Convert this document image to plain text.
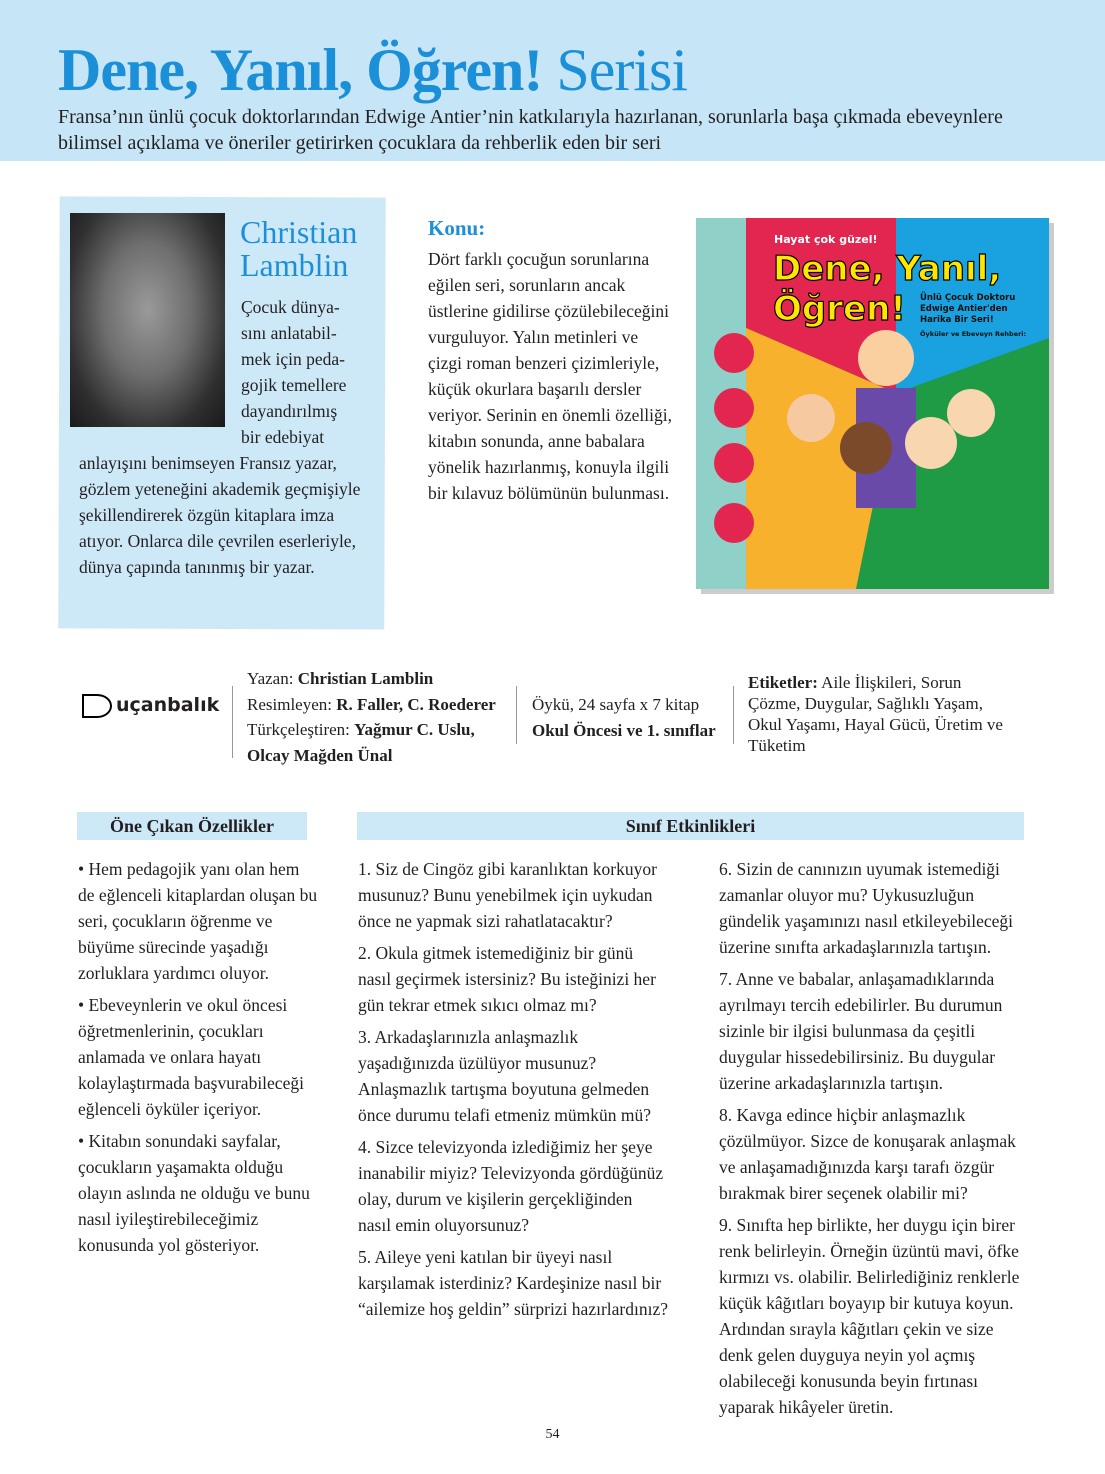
Dene, Yanıl, Öğren! Serisi
Fransa’nın ünlü çocuk doktorlarından Edwige Antier’nin katkılarıyla hazırlanan, sorunlarla başa çıkmada ebeveynlere bilimsel açıklama ve öneriler getirirken çocuklara da rehberlik eden bir seri
Christian
Lamblin
Çocuk dünya-
sını anlatabil-
mek için peda-
gojik temellere
dayandırılmış
bir edebiyat
anlayışını benimseyen Fransız yazar, gözlem yeteneğini akademik geçmişiyle şekillendirerek özgün kitaplara imza atıyor. Onlarca dile çevrilen eserleriyle, dünya çapında tanınmış bir yazar.
Konu:
Dört farklı çocuğun sorunlarına eğilen seri, sorunların ancak üstlerine gidilirse çözülebileceğini vurguluyor. Yalın metinleri ve çizgi roman benzeri çizimleriyle, küçük okurlara başarılı dersler veriyor. Serinin en önemli özelliği, kitabın sonunda, anne babalara yönelik hazırlanmış, konuyla ilgili bir kılavuz bölümünün bulunması.
Hayat çok güzel!
Dene, Yanıl,
Öğren! Ünlü Çocuk Doktoru
Edwige Antier'den
Harika Bir Seri!
Öyküler ve Ebeveyn Rehberi:
uçanbalık
Yazan: Christian Lamblin
Resimleyen: R. Faller, C. Roederer
Türkçeleştiren: Yağmur C. Uslu,
Olcay Mağden Ünal
Öykü, 24 sayfa x 7 kitap
Okul Öncesi ve 1. sınıflar
Etiketler: Aile İlişkileri, Sorun Çözme, Duygular, Sağlıklı Yaşam, Okul Yaşamı, Hayal Gücü, Üretim ve Tüketim
Öne Çıkan Özellikler

• Hem pedagojik yanı olan hem de eğlenceli kitaplardan oluşan bu seri, çocukların öğrenme ve büyüme sürecinde yaşadığı zorluklara yardımcı oluyor.

• Ebeveynlerin ve okul öncesi öğretmenlerinin, çocukları anlamada ve onlara hayatı kolaylaştırmada başvurabileceği eğlenceli öyküler içeriyor.

• Kitabın sonundaki sayfalar, çocukların yaşamakta olduğu olayın aslında ne olduğu ve bunu nasıl iyileştirebileceğimiz konusunda yol gösteriyor.

Sınıf Etkinlikleri

1. Siz de Cingöz gibi karanlıktan korkuyor musunuz? Bunu yenebilmek için uykudan önce ne yapmak sizi rahatlatacaktır?

2. Okula gitmek istemediğiniz bir günü nasıl geçirmek istersiniz? Bu isteğinizi her gün tekrar etmek sıkıcı olmaz mı?

3. Arkadaşlarınızla anlaşmazlık yaşadığınızda üzülüyor musunuz? Anlaşmazlık tartışma boyutuna gelmeden önce durumu telafi etmeniz mümkün mü?

4. Sizce televizyonda izlediğimiz her şeye inanabilir miyiz? Televizyonda gördüğünüz olay, durum ve kişilerin gerçekliğinden nasıl emin oluyorsunuz?

5. Aileye yeni katılan bir üyeyi nasıl karşılamak isterdiniz? Kardeşinize nasıl bir “ailemize hoş geldin” sürprizi hazırlardınız?

6. Sizin de canınızın uyumak istemediği zamanlar oluyor mu? Uykusuzluğun gündelik yaşamınızı nasıl etkileyebileceği üzerine sınıfta arkadaşlarınızla tartışın.

7. Anne ve babalar, anlaşamadıklarında ayrılmayı tercih edebilirler. Bu durumun sizinle bir ilgisi bulunmasa da çeşitli duygular hissedebilirsiniz. Bu duygular üzerine arkadaşlarınızla tartışın.

8. Kavga edince hiçbir anlaşmazlık çözülmüyor. Sizce de konuşarak anlaşmak ve anlaşamadığınızda karşı tarafı özgür bırakmak birer seçenek olabilir mi?

9. Sınıfta hep birlikte, her duygu için birer renk belirleyin. Örneğin üzüntü mavi, öfke kırmızı vs. olabilir. Belirlediğiniz renklerle küçük kâğıtları boyayıp bir kutuya koyun. Ardından sırayla kâğıtları çekin ve size denk gelen duyguya neyin yol açmış olabileceği konusunda beyin fırtınası yaparak hikâyeler üretin.

54
